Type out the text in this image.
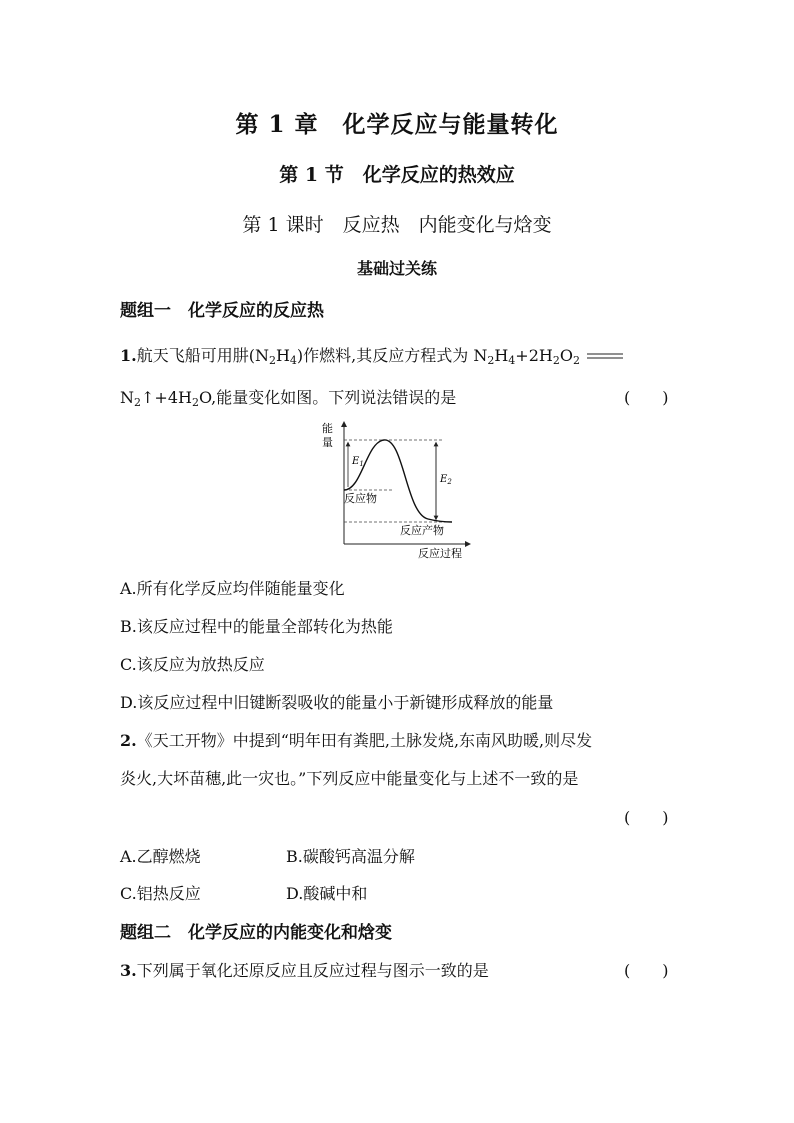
第 1 章　化学反应与能量转化
第 1 节　化学反应的热效应
第 1 课时　反应热　内能变化与焓变
基础过关练
题组一　化学反应的反应热
1.航天飞船可用肼$(N_2H_4)$作燃料,其反应方程式为 $N_2H_4+2H_2O_2$
$N_2↑+4H_2O$,能量变化如图。下列说法错误的是	(　　)
能
量
$E_1$
$E_2$
反应物
反应产物
反应过程
A.所有化学反应均伴随能量变化
B.该反应过程中的能量全部转化为热能
C.该反应为放热反应
D.该反应过程中旧键断裂吸收的能量小于新键形成释放的能量
2.《天工开物》中提到“明年田有粪肥,土脉发烧,东南风助暖,则尽发
炎火,大坏苗穗,此一灾也。”下列反应中能量变化与上述不一致的是
(　　)
A.乙醇燃烧	B.碳酸钙高温分解
C.铝热反应	D.酸碱中和
题组二　化学反应的内能变化和焓变
3.下列属于氧化还原反应且反应过程与图示一致的是	(　　)
